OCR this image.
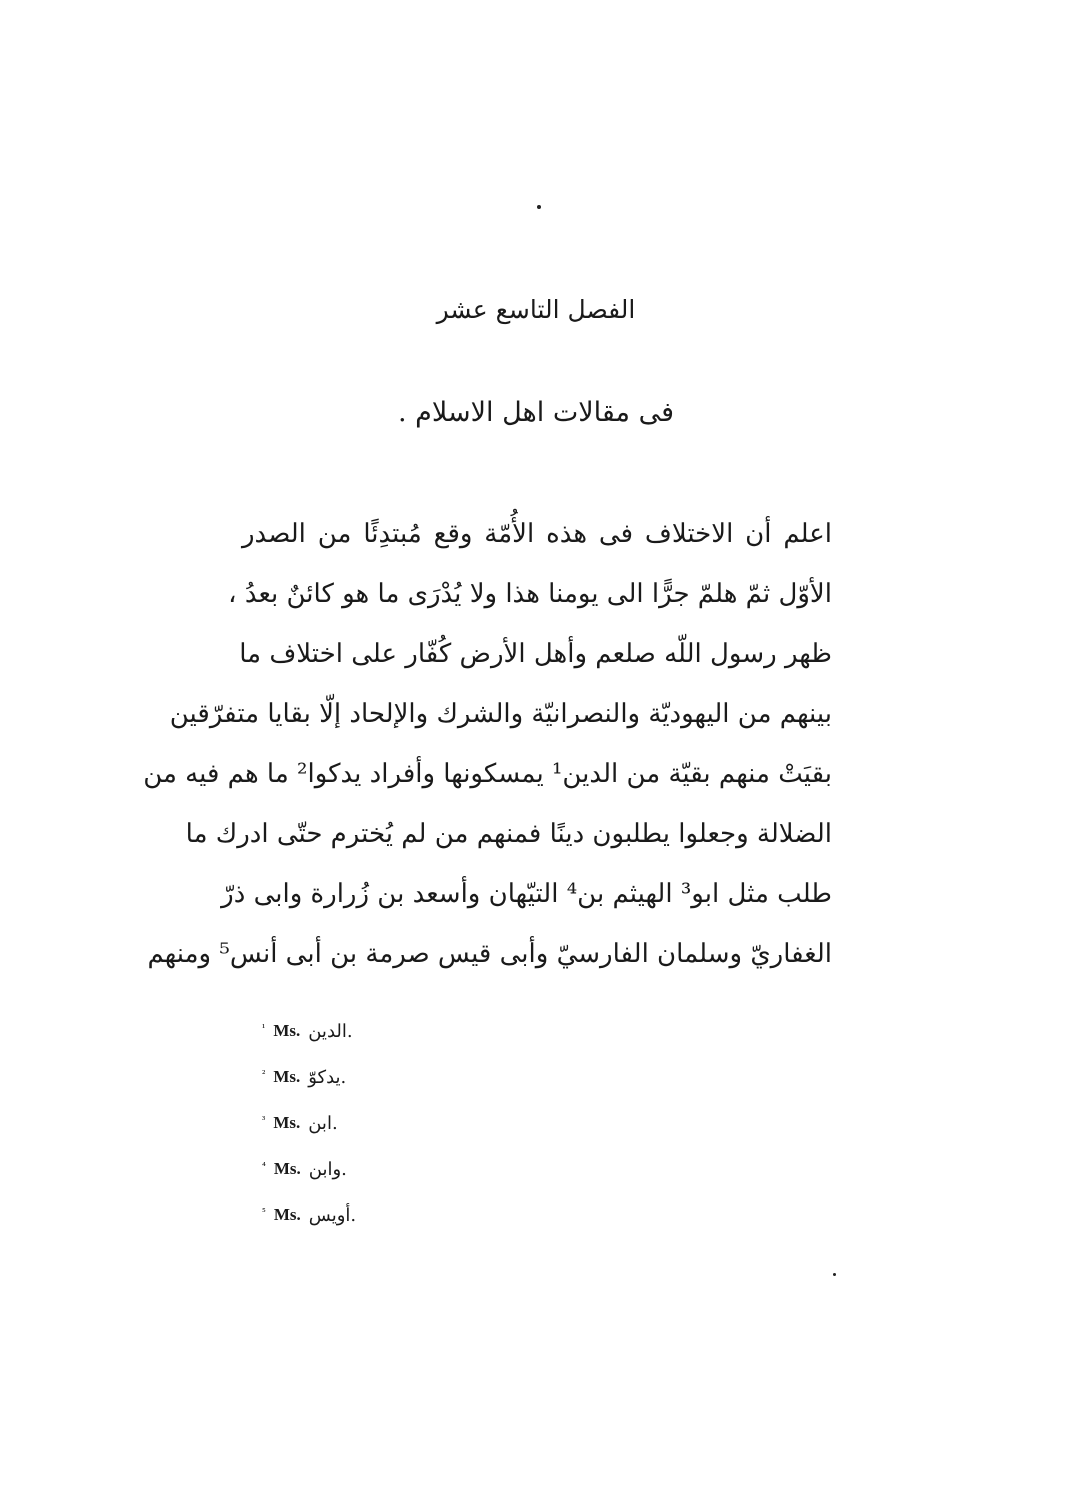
الفصل التاسع عشر
فى مقالات اهل الاسلام .
اعلم أن الاختلاف فى هذه الأُمّة وقع مُبتدِئًا من الصدر
الأوّل ثمّ هلمّ جرًّا الى يومنا هذا ولا يُدْرَى ما هو كائنٌ بعدُ ،
ظهر رسول اللّه صلعم وأهل الأرض كُفّار على اختلاف ما
بينهم من اليهوديّة والنصرانيّة والشرك والإلحاد إلّا بقايا متفرّقين
بقيَتْ منهم بقيّة من الدين¹ يمسكونها وأفراد يدكوا² ما هم فيه من
الضلالة وجعلوا يطلبون دينًا فمنهم من لم يُخترم حتّى ادرك ما
طلب مثل ابو³ الهيثم بن⁴ التيّهان وأسعد بن زُرارة وابى ذرّ
الغفاريّ وسلمان الفارسيّ وأبى قيس صرمة بن أبى أنس⁵ ومنهم
¹ Ms. .الدين
² Ms. .يدكوّ
³ Ms. .ابن
⁴ Ms. .وابن
⁵ Ms. .أويس
